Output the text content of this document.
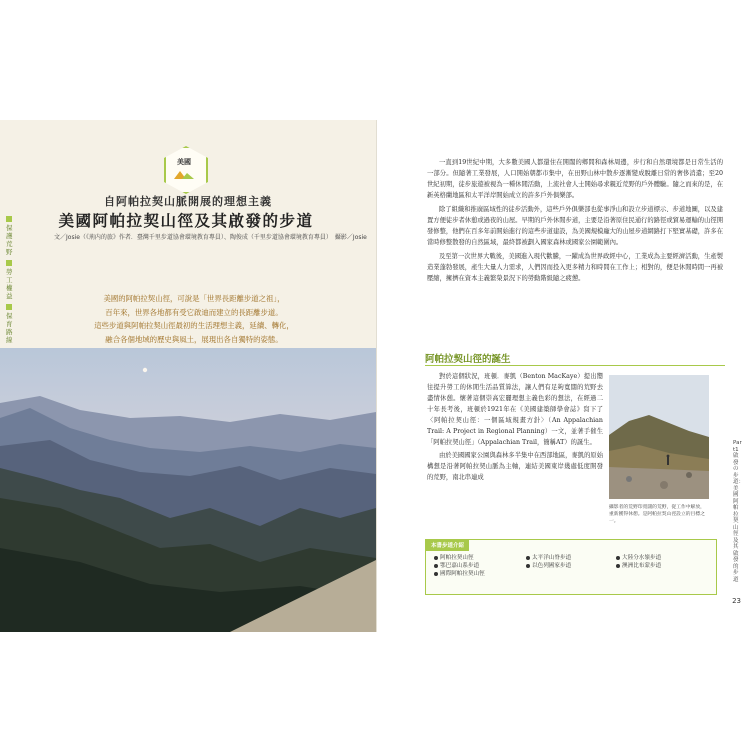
美國
自阿帕拉契山脈開展的理想主義
美國阿帕拉契山徑及其啟發的步道
文／Josie（《荊内的旅》作者．臺灣千里步道協會環境教育專員）、陶俊成（千里步道協會環境教育專員）　攝影／Josie
保護荒野
勞工權益
保育路線

美國的阿帕拉契山徑，可說是「世界長距離步道之祖」，

百年來，世界各地都有受它啟迪而建立的長距離步道。

這些步道與阿帕拉契山徑最初的生活理想主義，延續、轉化，

融合各個地域的歷史與風土，展現出各自獨特的姿態。

一直到19世紀中期，大多數美國人都還住在開闊的鄉間和森林周邊，步行和自然環境都是日常生活的一部分。但隨著工業發展，人口開始朝都市集中，在田野山林中散步逐漸變成脫離日常的奢侈消遣；至20世紀初期，徒步旅遊被視為一種休閒活動，上流社會人士開始尋求親近荒野的戶外體驗。隨之而來的是，在新英格蘭地區和太平洋岸開始成立的許多戶外俱樂部。

除了組織和推廣區域性的徒步活動外，這些戶外俱樂部也從事淨山和設立步道標示、步道地圖，以及建置方便徒步者休憩或過夜的山屋。早期的戶外休閒步道，主要是沿著原住民通行的路徑或貿易運輸的山徑開發修整，他們在百多年前開始進行的這些步道建設，為美國規模龐大的山屋步道網路打下堅實基礎，許多在當時修整散發的自然區域，最終都被劃入國家森林或國家公園範圍內。

及至第一次世界大戰後，美國進入現代歡騰，一躍成為世界政經中心，工業成為主要經濟活動，生產製造業蓬勃發展，產生大量人力需求，人們因而投入更多精力和時間在工作上；相對的，便是休閒時間一再被壓縮，擁擠在資本主義繁榮景況下的勞動階級隨之疲憊。

阿帕拉契山徑的誕生

對於這個狀況，班頓．麥凱（Benton MacKaye）提出嚮往提升勞工的休閒生活品質算法，讓人們有足夠寬闊的荒野去盡情休憩。懷著這個崇高宏麗理想主義色彩的想法，在經過二十年長考後，班頓於1921年在《美國建築師學會誌》寫下了〈阿帕拉契山徑：一個區域規畫方針〉（An Appalachian Trail: A Project in Regional Planning）一文，並著手催生「阿帕拉契山徑」（Appalachian Trail，簡稱AT）的誕生。

由於美國國家公園與森林多半集中在西部地區，麥凱的原始構想是沿著阿帕拉契山脈為主軸，連結美國東岸幾處低度開發的荒野，南北串連成

攝影者的荒野印寬闊的荒野，從工作中解放，重新獲得休憩。是阿帕拉契山徑設立的目標之一。
本書步道介紹
阿帕拉契山徑
鄂巴嘉山系步道
國際阿帕拉契山徑
太平洋山脊步道
以色列國家步道
大陸分水嶺步道
澳洲比布蒙步道
Part1 啟發の步道：美國阿帕拉契山徑及其啟發的步道
23
